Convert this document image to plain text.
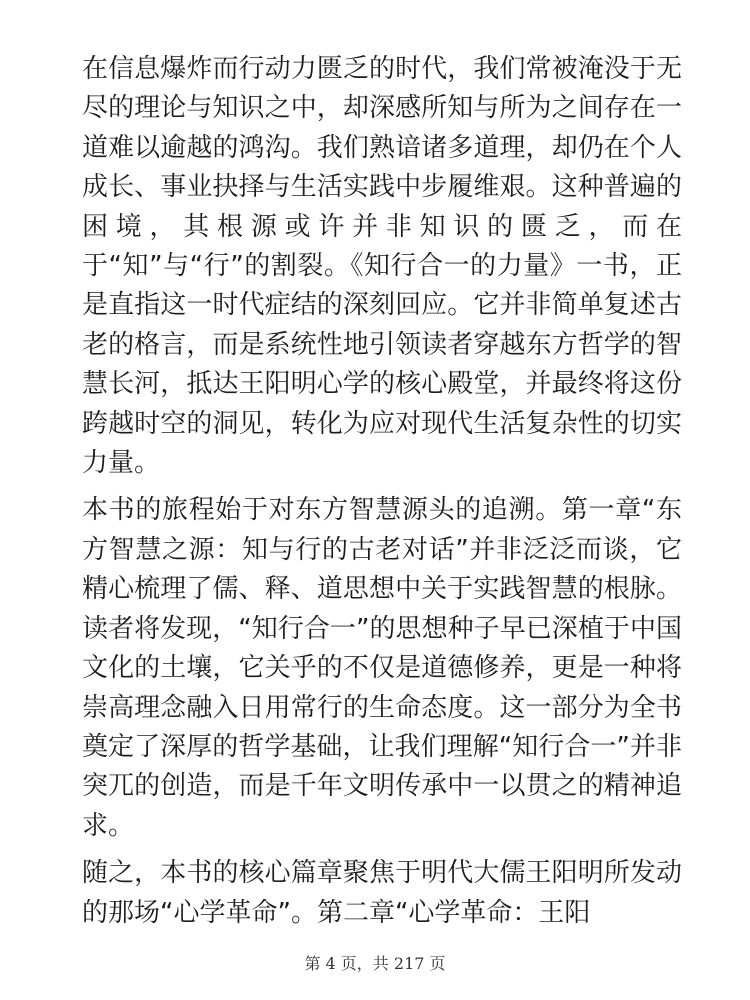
在信息爆炸而行动力匮乏的时代，我们常被淹没于无尽的理论与知识之中，却深感所知与所为之间存在一道难以逾越的鸿沟。我们熟谙诸多道理，却仍在个人成长、事业抉择与生活实践中步履维艰。这种普遍的困境，其根源或许并非知识的匮乏，而在于“知”与“行”的割裂。《知行合一的力量》一书，正是直指这一时代症结的深刻回应。它并非简单复述古老的格言，而是系统性地引领读者穿越东方哲学的智慧长河，抵达王阳明心学的核心殿堂，并最终将这份跨越时空的洞见，转化为应对现代生活复杂性的切实力量。

本书的旅程始于对东方智慧源头的追溯。第一章“东方智慧之源：知与行的古老对话”并非泛泛而谈，它精心梳理了儒、释、道思想中关于实践智慧的根脉。读者将发现，“知行合一”的思想种子早已深植于中国文化的土壤，它关乎的不仅是道德修养，更是一种将崇高理念融入日用常行的生命态度。这一部分为全书奠定了深厚的哲学基础，让我们理解“知行合一”并非突兀的创造，而是千年文明传承中一以贯之的精神追求。

随之，本书的核心篇章聚焦于明代大儒王阳明所发动的那场“心学革命”。第二章“心学革命：王阳

第 4 页，共 217 页
